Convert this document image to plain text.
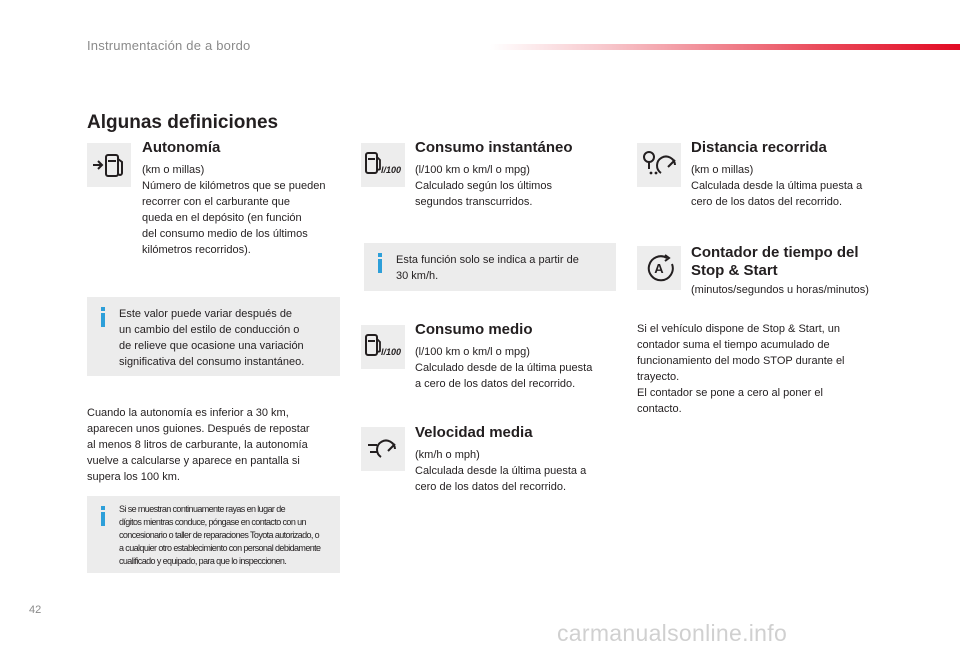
Instrumentación de a bordo
Algunas definiciones
Autonomía
(km o millas)
Número de kilómetros que se pueden
recorrer con el carburante que
queda en el depósito (en función
del consumo medio de los últimos
kilómetros recorridos).
l/100
Consumo instantáneo
(l/100 km o km/l o mpg)
Calculado según los últimos
segundos transcurridos.
Distancia recorrida
(km o millas)
Calculada desde la última puesta a
cero de los datos del recorrido.
Este valor puede variar después de
un cambio del estilo de conducción o
de relieve que ocasione una variación
significativa del consumo instantáneo.
Esta función solo se indica a partir de
30 km/h.	A
Contador de tiempo del
Stop & Start
(minutos/segundos u horas/minutos)
Si el vehículo dispone de Stop & Start, un
contador suma el tiempo acumulado de
funcionamiento del modo STOP durante el
trayecto.
El contador se pone a cero al poner el
contacto.
l/100
Consumo medio
(l/100 km o km/l o mpg)
Calculado desde de la última puesta
a cero de los datos del recorrido.
Cuando la autonomía es inferior a 30 km,
aparecen unos guiones. Después de repostar
al menos 8 litros de carburante, la autonomía
vuelve a calcularse y aparece en pantalla si
supera los 100 km.
Velocidad media
(km/h o mph)
Calculada desde la última puesta a
cero de los datos del recorrido.
Si se muestran continuamente rayas en lugar de
dígitos mientras conduce, póngase en contacto con un
concesionario o taller de reparaciones Toyota autorizado, o
a cualquier otro establecimiento con personal debidamente
cualificado y equipado, para que lo inspeccionen.
42
carmanualsonline.info
